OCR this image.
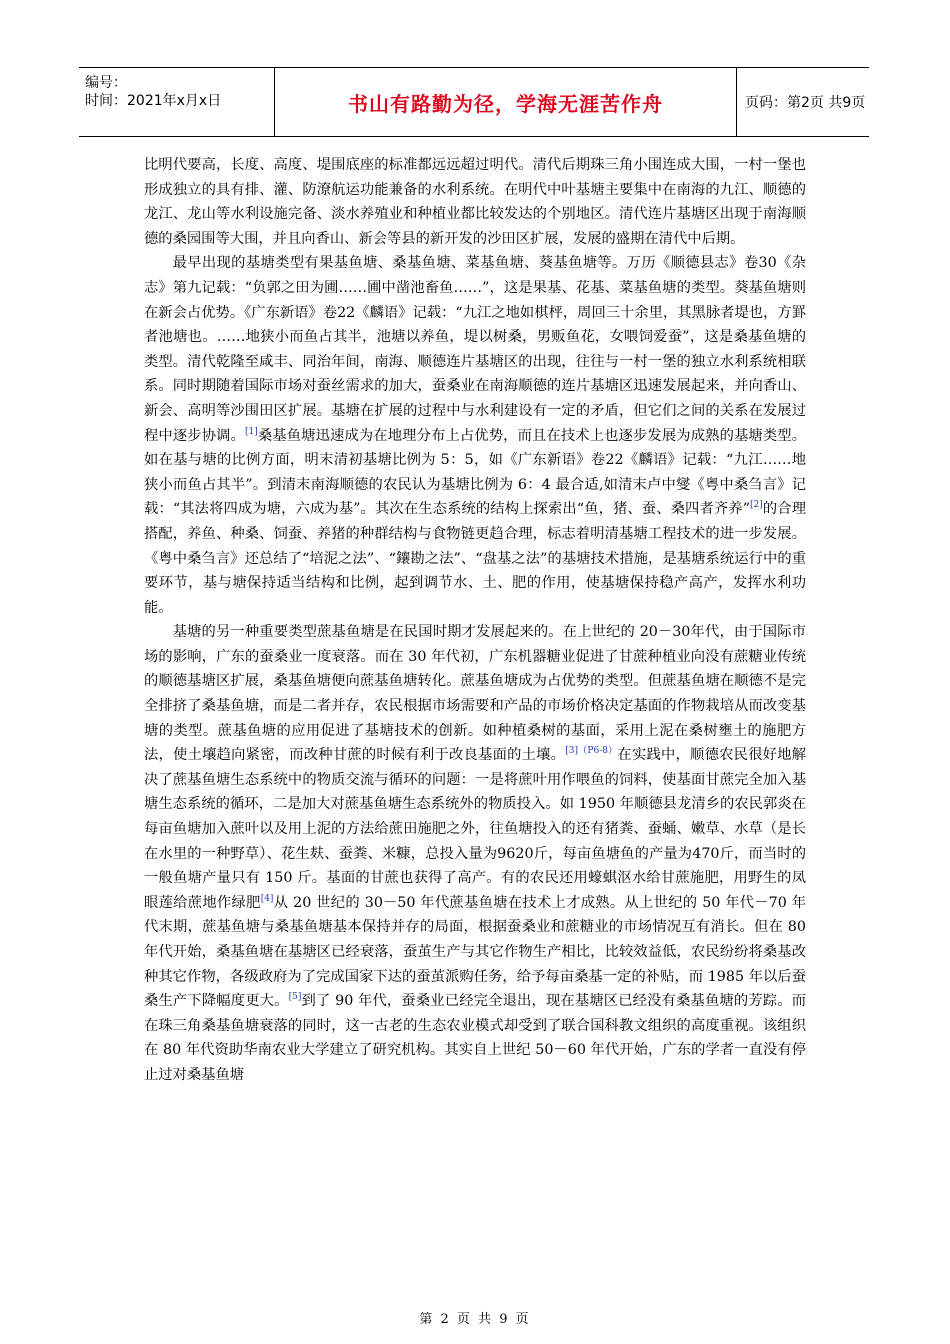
编号：
时间：2021年x月x日	书山有路勤为径，学海无涯苦作舟	页码：第2页 共9页

比明代要高，长度、高度、堤围底座的标准都远远超过明代。清代后期珠三角小围连成大围，一村一堡也形成独立的具有排、灌、防潦航运功能兼备的水利系统。在明代中叶基塘主要集中在南海的九江、顺德的龙江、龙山等水利设施完备、淡水养殖业和种植业都比较发达的个别地区。清代连片基塘区出现于南海顺德的桑园围等大围，并且向香山、新会等县的新开发的沙田区扩展，发展的盛期在清代中后期。

最早出现的基塘类型有果基鱼塘、桑基鱼塘、菜基鱼塘、葵基鱼塘等。万历《顺德县志》卷30《杂志》第九记载：“负郭之田为圃……圃中凿池畜鱼……”，这是果基、花基、菜基鱼塘的类型。葵基鱼塘则在新会占优势。《广东新语》卷22《麟语》记载：“九江之地如棋枰，周回三十余里，其黑脉者堤也，方罫者池塘也。……地狭小而鱼占其半，池塘以养鱼，堤以树桑，男贩鱼花，女喂饲爱蚕”，这是桑基鱼塘的类型。清代乾隆至咸丰、同治年间，南海、顺德连片基塘区的出现，往往与一村一堡的独立水利系统相联系。同时期随着国际市场对蚕丝需求的加大，蚕桑业在南海顺德的连片基塘区迅速发展起来，并向香山、新会、高明等沙围田区扩展。基塘在扩展的过程中与水利建设有一定的矛盾，但它们之间的关系在发展过程中逐步协调。[1]桑基鱼塘迅速成为在地理分布上占优势，而且在技术上也逐步发展为成熟的基塘类型。如在基与塘的比例方面，明末清初基塘比例为 5：5，如《广东新语》卷22《麟语》记载：“九江……地狭小而鱼占其半”。到清末南海顺德的农民认为基塘比例为 6：4 最合适,如清末卢中燮《粤中桑刍言》记载：“其法将四成为塘，六成为基”。其次在生态系统的结构上探索出“鱼，猪、蚕、桑四者齐养”[2]的合理搭配，养鱼、种桑、饲蚕、养猪的种群结构与食物链更趋合理，标志着明清基塘工程技术的进一步发展。《粤中桑刍言》还总结了“培泥之法”、“鑲勘之法”、“盘基之法”的基塘技术措施，是基塘系统运行中的重要环节，基与塘保持适当结构和比例，起到调节水、土、肥的作用，使基塘保持稳产高产，发挥水利功能。

基塘的另一种重要类型蔗基鱼塘是在民国时期才发展起来的。在上世纪的 20－30年代，由于国际市场的影响，广东的蚕桑业一度衰落。而在 30 年代初，广东机器糖业促进了甘蔗种植业向没有蔗糖业传统的顺德基塘区扩展，桑基鱼塘便向蔗基鱼塘转化。蔗基鱼塘成为占优势的类型。但蔗基鱼塘在顺德不是完全排挤了桑基鱼塘，而是二者并存，农民根据市场需要和产品的市场价格决定基面的作物栽培从而改变基塘的类型。蔗基鱼塘的应用促进了基塘技术的创新。如种植桑树的基面，采用上泥在桑树壅土的施肥方法，使土壤趋向紧密，而改种甘蔗的时候有利于改良基面的土壤。$^{[3](P6-8)}$在实践中，顺德农民很好地解决了蔗基鱼塘生态系统中的物质交流与循环的问题：一是将蔗叶用作喂鱼的饲料，使基面甘蔗完全加入基塘生态系统的循环，二是加大对蔗基鱼塘生态系统外的物质投入。如 1950 年顺德县龙清乡的农民郭炎在每亩鱼塘加入蔗叶以及用上泥的方法给蔗田施肥之外，往鱼塘投入的还有猪粪、蚕蛹、嫩草、水草（是长在水里的一种野草）、花生麸、蚕粪、米糠，总投入量为9620斤，每亩鱼塘鱼的产量为470斤，而当时的一般鱼塘产量只有 150 斤。基面的甘蔗也获得了高产。有的农民还用蠔蜞沤水给甘蔗施肥，用野生的凤眼莲给蔗地作绿肥[4]从 20 世纪的 30－50 年代蔗基鱼塘在技术上才成熟。从上世纪的 50 年代－70 年代末期，蔗基鱼塘与桑基鱼塘基本保持并存的局面，根据蚕桑业和蔗糖业的市场情况互有消长。但在 80 年代开始，桑基鱼塘在基塘区已经衰落，蚕茧生产与其它作物生产相比，比较效益低，农民纷纷将桑基改种其它作物，各级政府为了完成国家下达的蚕茧派购任务，给予每亩桑基一定的补贴，而 1985 年以后蚕桑生产下降幅度更大。[5]到了 90 年代，蚕桑业已经完全退出，现在基塘区已经没有桑基鱼塘的芳踪。而在珠三角桑基鱼塘衰落的同时，这一古老的生态农业模式却受到了联合国科教文组织的高度重视。该组织在 80 年代资助华南农业大学建立了研究机构。其实自上世纪 50－60 年代开始，广东的学者一直没有停止过对桑基鱼塘

第 2 页 共 9 页
